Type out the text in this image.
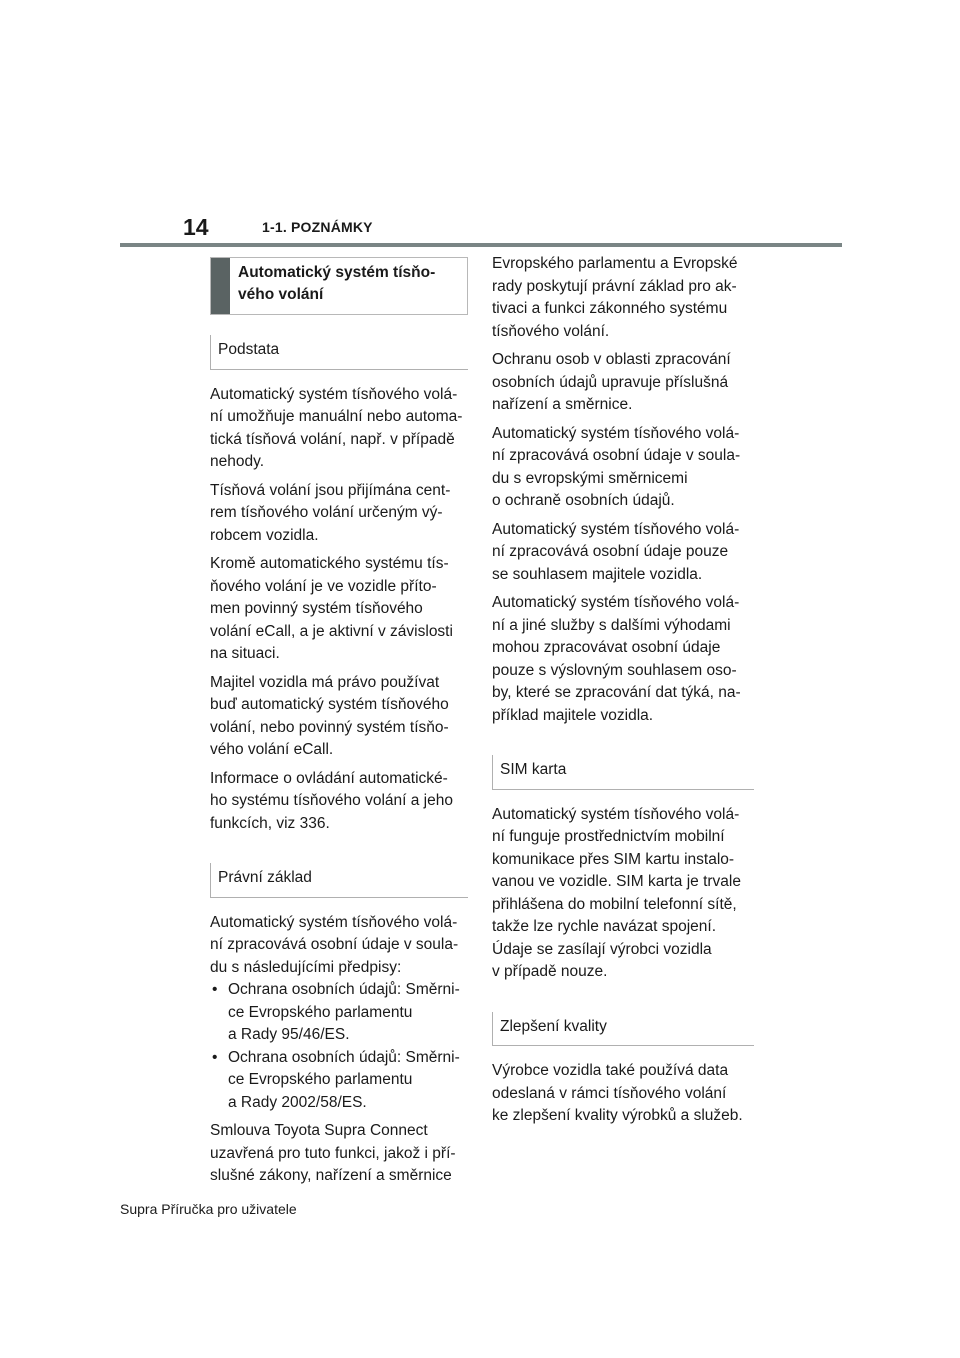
14	1-1. POZNÁMKY
Automatický systém tísňo-
vého volání
Podstata

Automatický systém tísňového volá-
ní umožňuje manuální nebo automa-
tická tísňová volání, např. v případě
nehody.

Tísňová volání jsou přijímána cent-
rem tísňového volání určeným vý-
robcem vozidla.

Kromě automatického systému tís-
ňového volání je ve vozidle příto-
men povinný systém tísňového
volání eCall, a je aktivní v závislosti
na situaci.

Majitel vozidla má právo používat
buď automatický systém tísňového
volání, nebo povinný systém tísňo-
vého volání eCall.

Informace o ovládání automatické-
ho systému tísňového volání a jeho
funkcích, viz 336.

Právní základ

Automatický systém tísňového volá-
ní zpracovává osobní údaje v soula-
du s následujícími předpisy:

• Ochrana osobních údajů: Směrni-
ce Evropského parlamentu
a Rady 95/46/ES.
• Ochrana osobních údajů: Směrni-
ce Evropského parlamentu
a Rady 2002/58/ES.

Smlouva Toyota Supra Connect
uzavřená pro tuto funkci, jakož i pří-
slušné zákony, nařízení a směrnice

Evropského parlamentu a Evropské
rady poskytují právní základ pro ak-
tivaci a funkci zákonného systému
tísňového volání.

Ochranu osob v oblasti zpracování
osobních údajů upravuje příslušná
nařízení a směrnice.

Automatický systém tísňového volá-
ní zpracovává osobní údaje v soula-
du s evropskými směrnicemi
o ochraně osobních údajů.

Automatický systém tísňového volá-
ní zpracovává osobní údaje pouze
se souhlasem majitele vozidla.

Automatický systém tísňového volá-
ní a jiné služby s dalšími výhodami
mohou zpracovávat osobní údaje
pouze s výslovným souhlasem oso-
by, které se zpracování dat týká, na-
příklad majitele vozidla.

SIM karta

Automatický systém tísňového volá-
ní funguje prostřednictvím mobilní
komunikace přes SIM kartu instalo-
vanou ve vozidle. SIM karta je trvale
přihlášena do mobilní telefonní sítě,
takže lze rychle navázat spojení.
Údaje se zasílají výrobci vozidla
v případě nouze.

Zlepšení kvality

Výrobce vozidla také používá data
odeslaná v rámci tísňového volání
ke zlepšení kvality výrobků a služeb.

Supra Příručka pro uživatele
